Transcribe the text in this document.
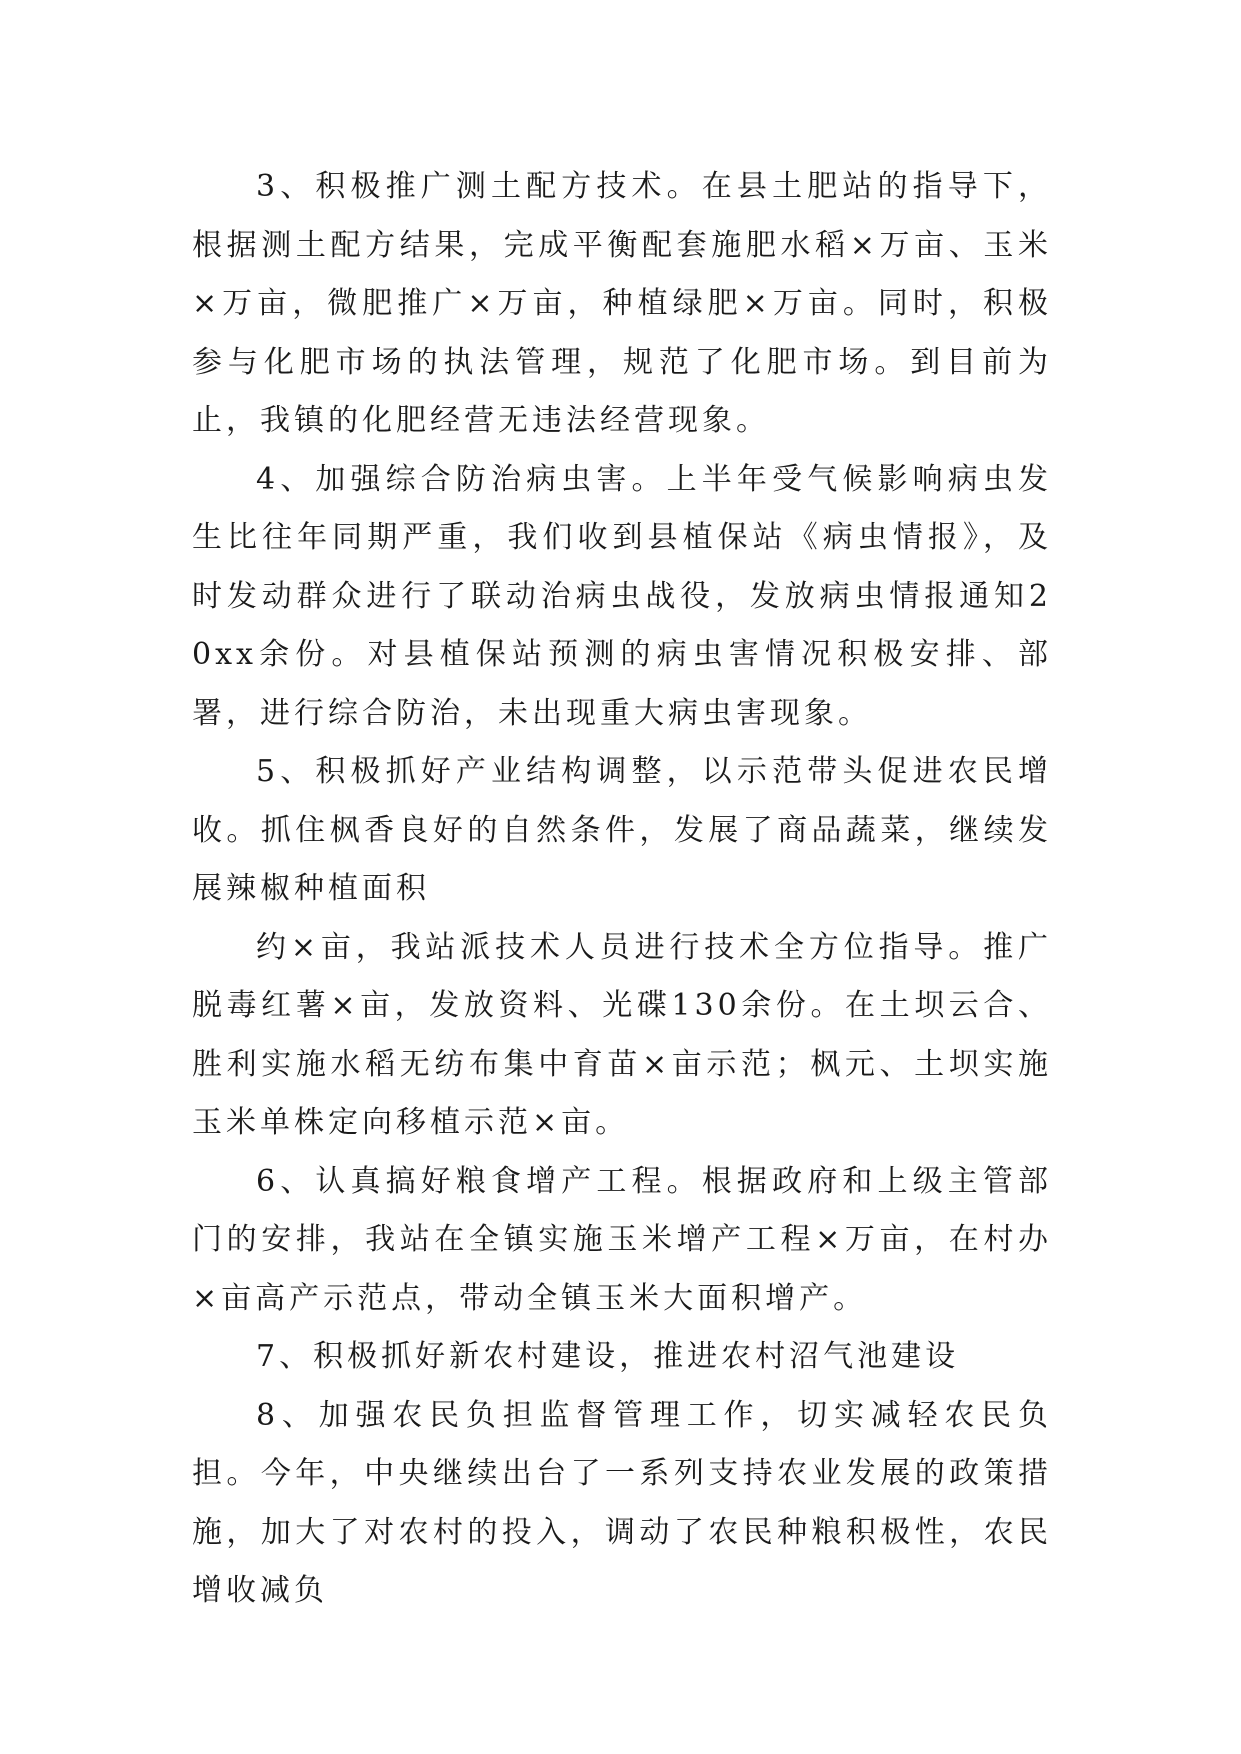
3、积极推广测土配方技术。在县土肥站的指导下，根据测土配方结果，完成平衡配套施肥水稻×万亩、玉米×万亩，微肥推广×万亩，种植绿肥×万亩。同时，积极参与化肥市场的执法管理，规范了化肥市场。到目前为止，我镇的化肥经营无违法经营现象。

4、加强综合防治病虫害。上半年受气候影响病虫发生比往年同期严重，我们收到县植保站《病虫情报》，及时发动群众进行了联动治病虫战役，发放病虫情报通知20xx余份。对县植保站预测的病虫害情况积极安排、部署，进行综合防治，未出现重大病虫害现象。

5、积极抓好产业结构调整，以示范带头促进农民增收。抓住枫香良好的自然条件，发展了商品蔬菜，继续发展辣椒种植面积

约×亩，我站派技术人员进行技术全方位指导。推广脱毒红薯×亩，发放资料、光碟130余份。在土坝云合、胜利实施水稻无纺布集中育苗×亩示范；枫元、土坝实施玉米单株定向移植示范×亩。

6、认真搞好粮食增产工程。根据政府和上级主管部门的安排，我站在全镇实施玉米增产工程×万亩，在村办×亩高产示范点，带动全镇玉米大面积增产。

7、积极抓好新农村建设，推进农村沼气池建设

8、加强农民负担监督管理工作，切实减轻农民负担。今年，中央继续出台了一系列支持农业发展的政策措施，加大了对农村的投入，调动了农民种粮积极性，农民增收减负
